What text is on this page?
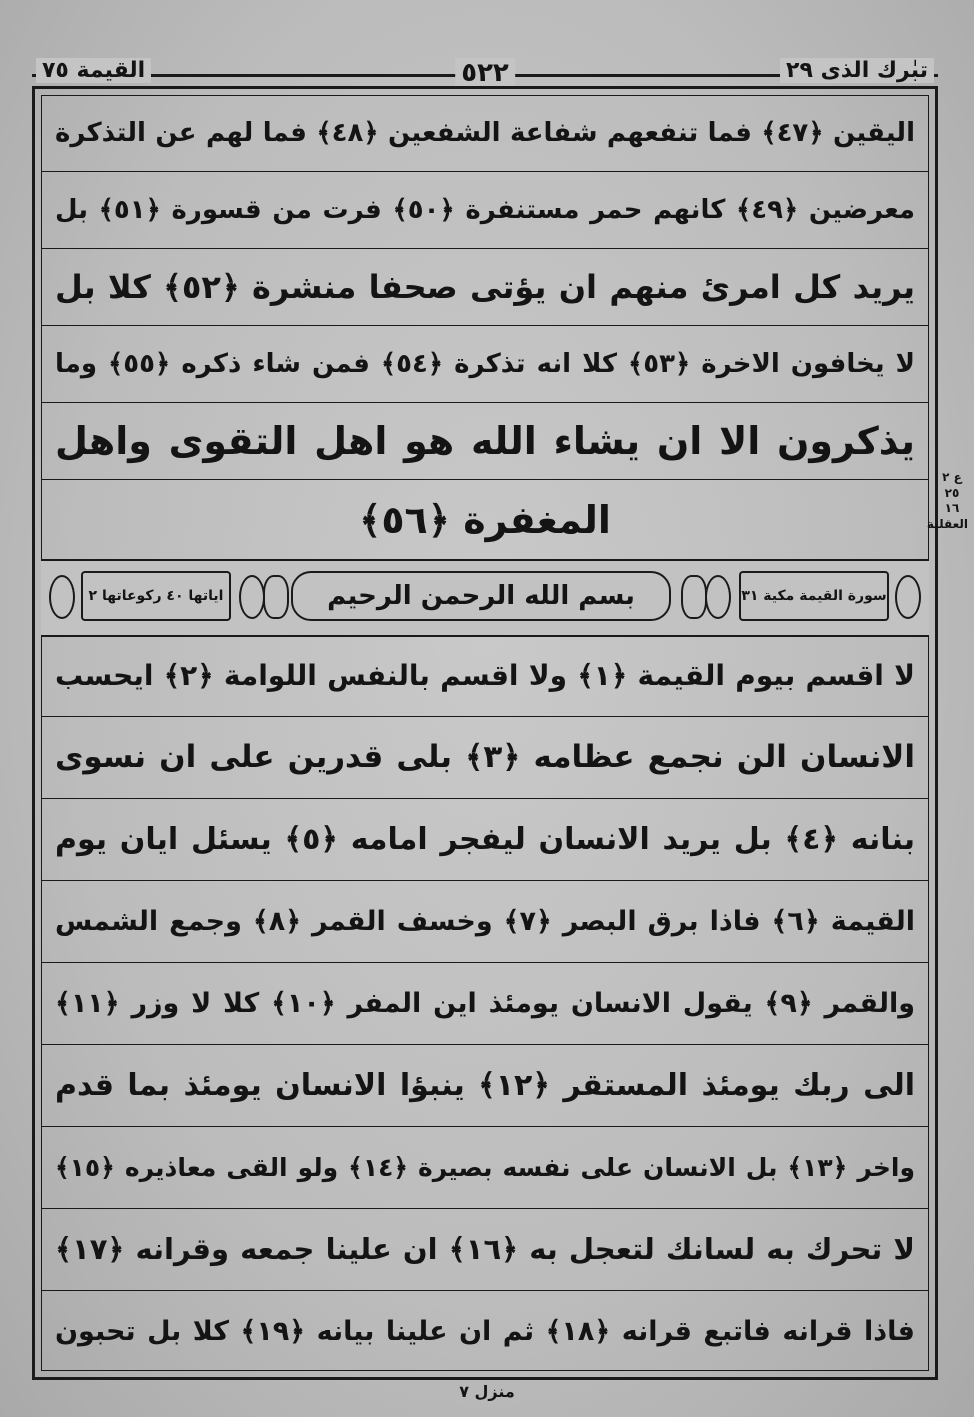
تبٰرك الذی ٢٩
٥٢٢
القیمة ٧٥
الیقین ﴿٤٧﴾ فما تنفعھم شفاعة الشفعین ﴿٤٨﴾ فما لھم عن التذکرة
معرضین ﴿٤٩﴾ کانھم حمر مستنفرة ﴿٥٠﴾ فرت من قسورة ﴿٥١﴾ بل
یرید کل امرئ منھم ان یؤتی صحفا منشرة ﴿٥٢﴾ کلا بل
لا یخافون الاخرة ﴿٥٣﴾ کلا انه تذکرة ﴿٥٤﴾ فمن شاء ذکره ﴿٥٥﴾ وما
یذکرون الا ان یشاء الله ھو اھل التقوی واھل
المغفرة ﴿٥٦﴾
سورة القیمة مکیة ٣١
بسم الله الرحمن الرحیم
ایاتھا ٤٠ رکوعاتھا ٢
لا اقسم بیوم القیمة ﴿١﴾ ولا اقسم بالنفس اللوامة ﴿٢﴾ ایحسب
الانسان الن نجمع عظامه ﴿٣﴾ بلی قدرین علی ان نسوی
بنانه ﴿٤﴾ بل یرید الانسان لیفجر امامه ﴿٥﴾ یسئل ایان یوم
القیمة ﴿٦﴾ فاذا برق البصر ﴿٧﴾ وخسف القمر ﴿٨﴾ وجمع الشمس
والقمر ﴿٩﴾ یقول الانسان یومئذ این المفر ﴿١٠﴾ کلا لا وزر ﴿١١﴾
الی ربك یومئذ المستقر ﴿١٢﴾ ینبؤا الانسان یومئذ بما قدم
واخر ﴿١٣﴾ بل الانسان علی نفسه بصیرة ﴿١٤﴾ ولو القی معاذیره ﴿١٥﴾
لا تحرك به لسانك لتعجل به ﴿١٦﴾ ان علینا جمعه وقرانه ﴿١٧﴾
فاذا قرانه فاتبع قرانه ﴿١٨﴾ ثم ان علینا بیانه ﴿١٩﴾ کلا بل تحبون
ع ٢ ٢٥ ١٦ العقلیة
منزل ٧
